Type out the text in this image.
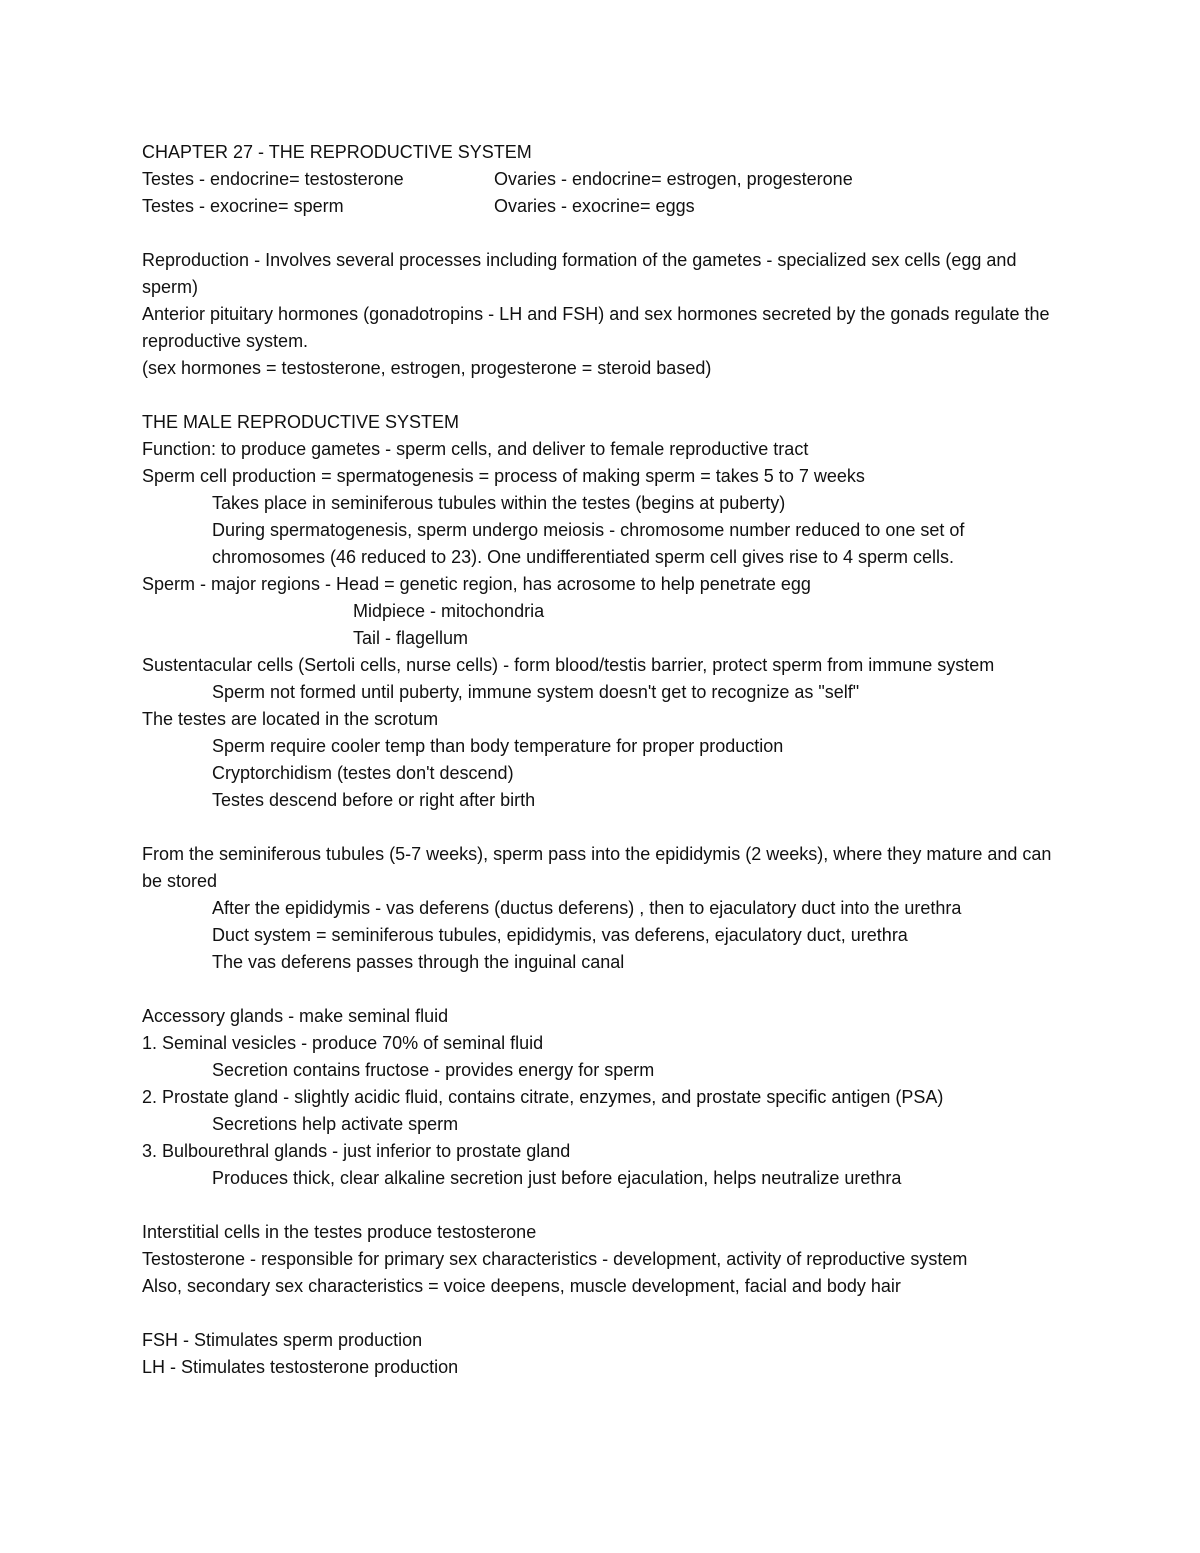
CHAPTER 27 - THE REPRODUCTIVE SYSTEM
Testes - endocrine= testosterone	Ovaries - endocrine= estrogen, progesterone
Testes - exocrine= sperm	Ovaries - exocrine= eggs
Reproduction - Involves several processes including formation of the gametes - specialized sex cells (egg and sperm)
Anterior pituitary hormones (gonadotropins - LH and FSH) and sex hormones secreted by the gonads regulate the reproductive system.
(sex hormones = testosterone, estrogen, progesterone = steroid based)
THE MALE REPRODUCTIVE SYSTEM
Function: to produce gametes - sperm cells, and deliver to female reproductive tract
Sperm cell production = spermatogenesis = process of making sperm = takes 5 to 7 weeks
Takes place in seminiferous tubules within the testes (begins at puberty)
During spermatogenesis, sperm undergo meiosis - chromosome number reduced to one set of
chromosomes (46 reduced to 23). One undifferentiated sperm cell gives rise to 4 sperm cells.
Sperm - major regions - Head = genetic region, has acrosome to help penetrate egg
Midpiece - mitochondria
Tail - flagellum
Sustentacular cells (Sertoli cells, nurse cells) - form blood/testis barrier, protect sperm from immune system
Sperm not formed until puberty, immune system doesn't get to recognize as "self"
The testes are located in the scrotum
Sperm require cooler temp than body temperature for proper production
Cryptorchidism (testes don't descend)
Testes descend before or right after birth
From the seminiferous tubules (5-7 weeks), sperm pass into the epididymis (2 weeks), where they mature and can be stored
After the epididymis - vas deferens (ductus deferens) , then to ejaculatory duct into the urethra
Duct system = seminiferous tubules, epididymis, vas deferens, ejaculatory duct, urethra
The vas deferens passes through the inguinal canal
Accessory glands - make seminal fluid
1. Seminal vesicles - produce 70% of seminal fluid
Secretion contains fructose - provides energy for sperm
2. Prostate gland - slightly acidic fluid, contains citrate, enzymes, and prostate specific antigen (PSA)
Secretions help activate sperm
3. Bulbourethral glands - just inferior to prostate gland
Produces thick, clear alkaline secretion just before ejaculation, helps neutralize urethra
Interstitial cells in the testes produce testosterone
Testosterone - responsible for primary sex characteristics - development, activity of reproductive system
Also, secondary sex characteristics = voice deepens, muscle development, facial and body hair
FSH - Stimulates sperm production
LH - Stimulates testosterone production
